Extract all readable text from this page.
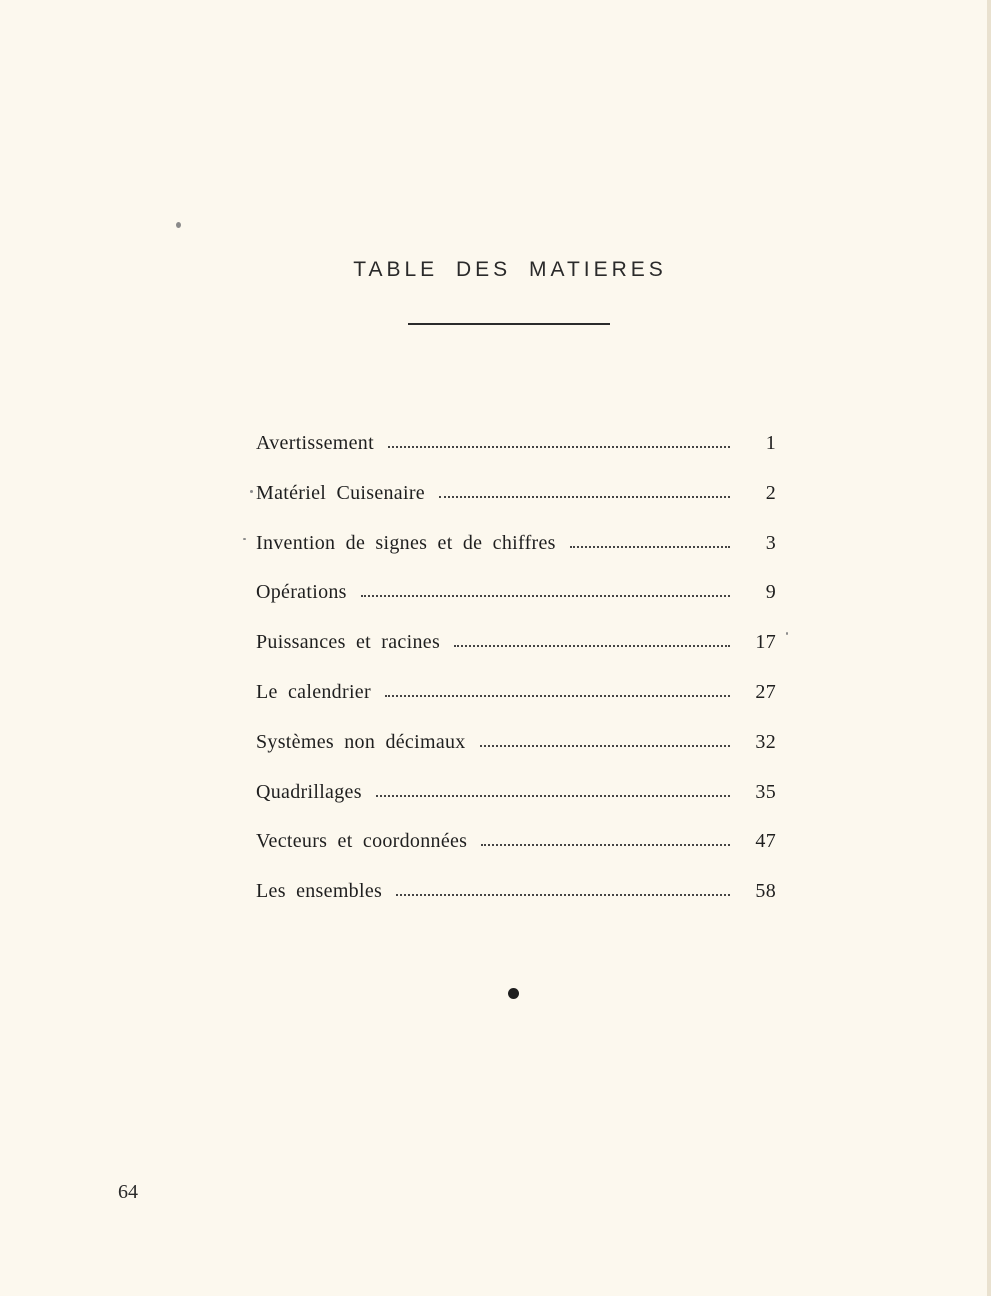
TABLE DES MATIERES
Avertissement	1
Matériel Cuisenaire	2
Invention de signes et de chiffres	3
Opérations	9
Puissances et racines	17
Le calendrier	27
Systèmes non décimaux	32
Quadrillages	35
Vecteurs et coordonnées	47
Les ensembles	58
64
